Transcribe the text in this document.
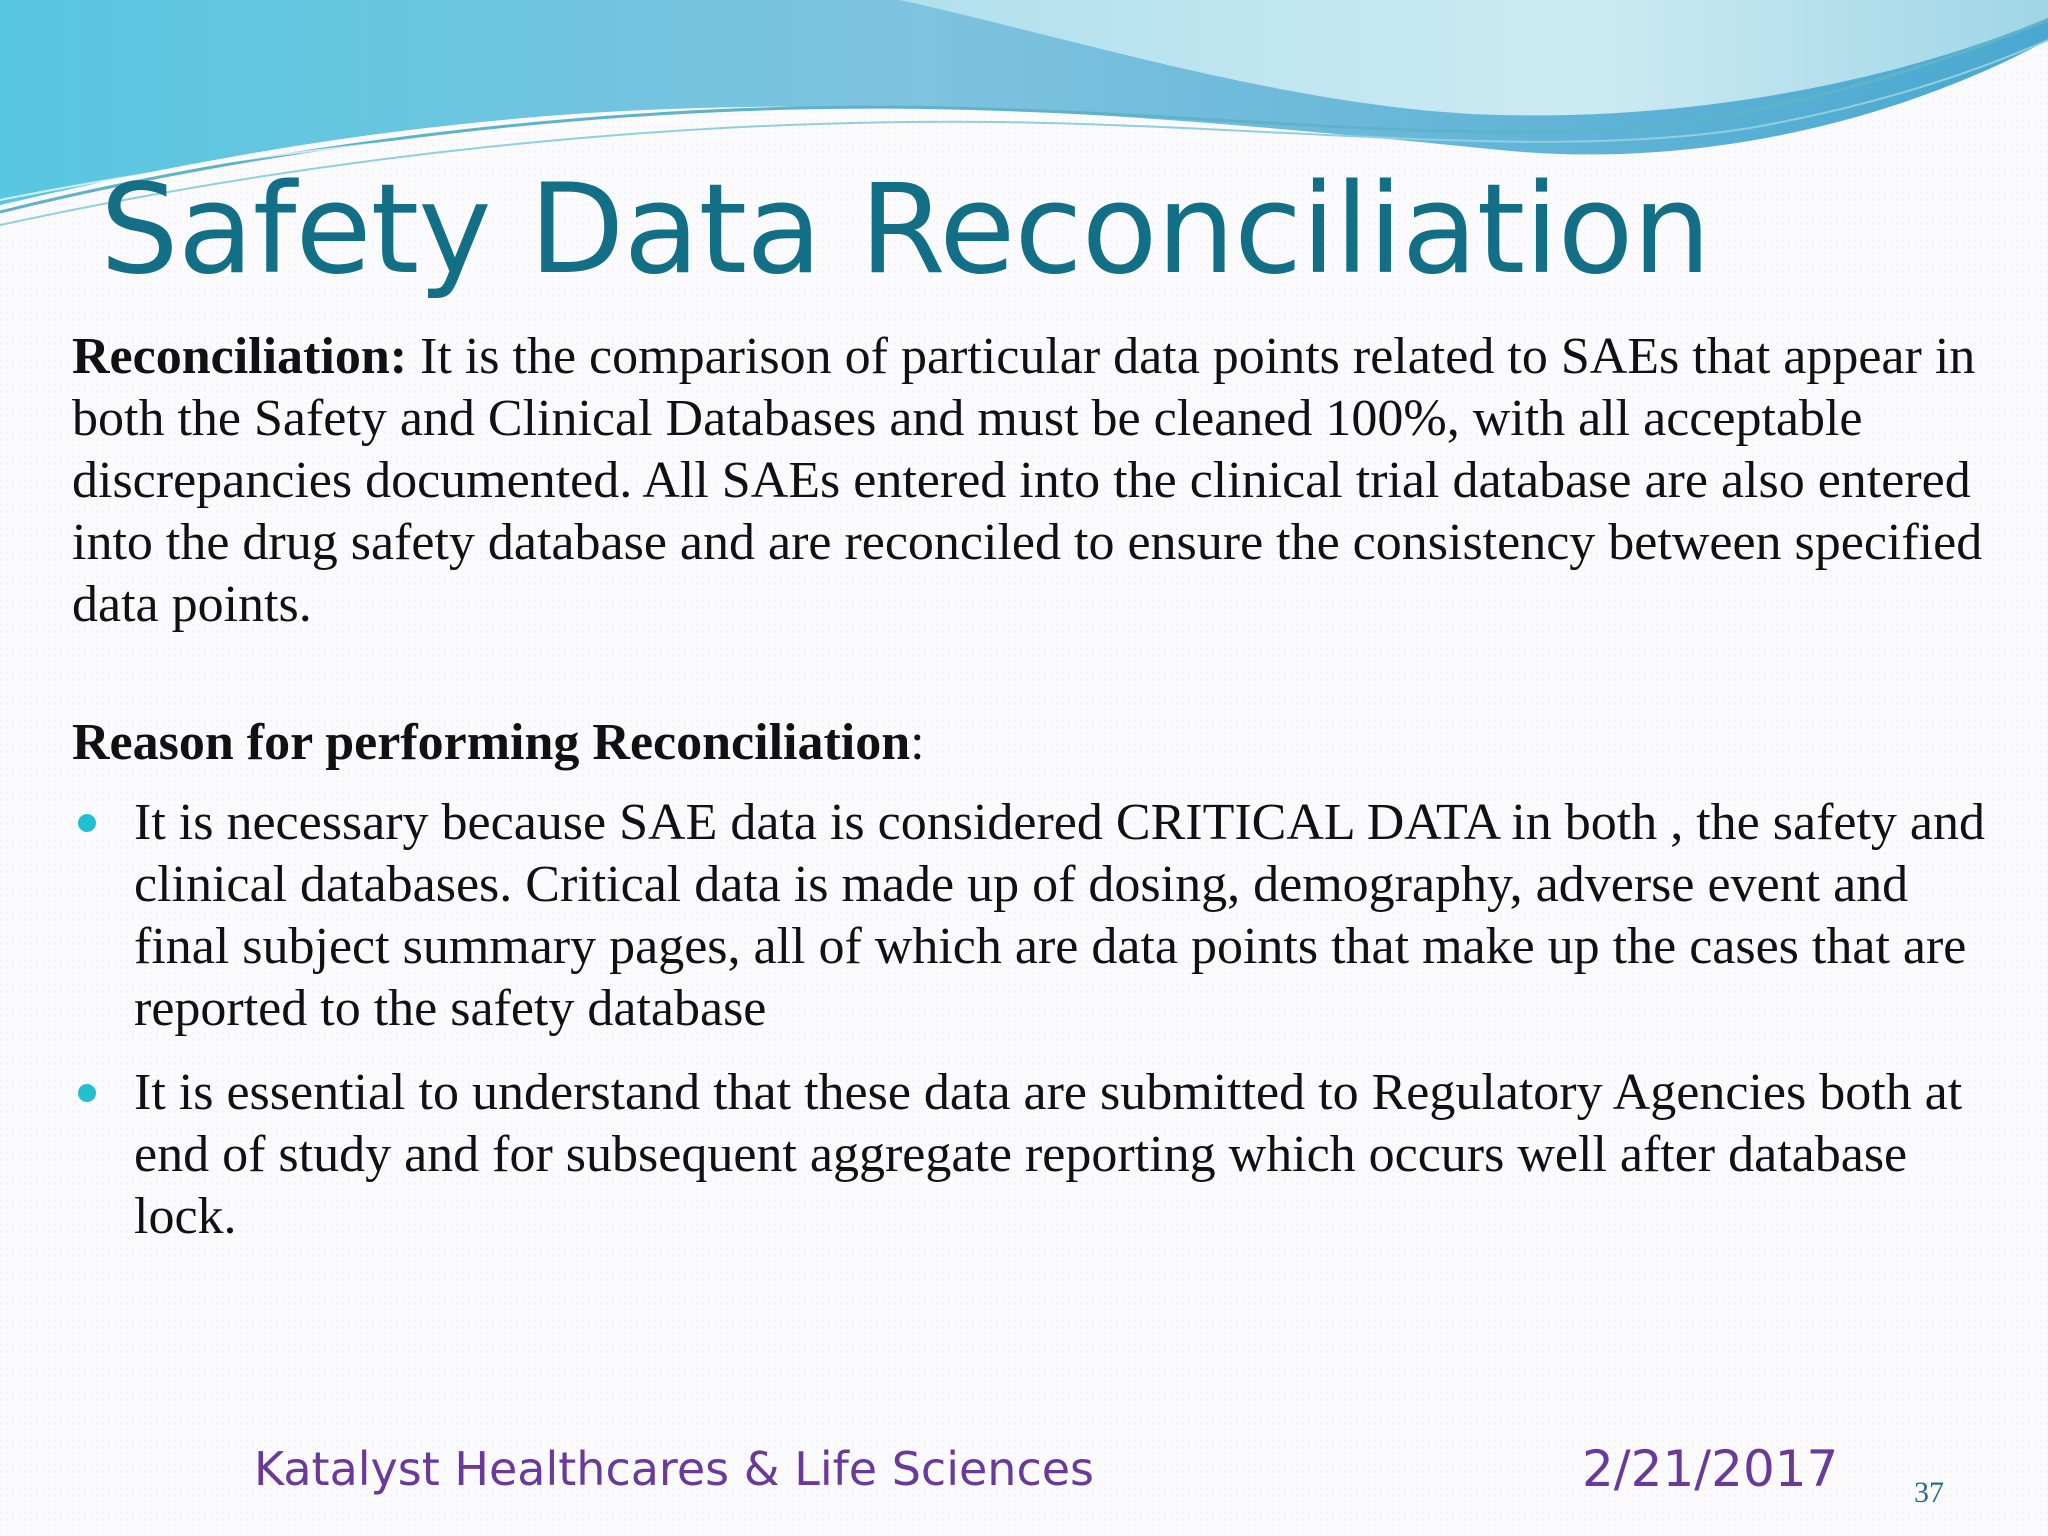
Safety Data Reconciliation

Reconciliation: It is the comparison of particular data points related to SAEs that appear in both the Safety and Clinical Databases and must be cleaned 100%, with all acceptable discrepancies documented. All SAEs entered into the clinical trial database are also entered into the drug safety database and are reconciled to ensure the consistency between specified data points.

Reason for performing Reconciliation:

It is necessary because SAE data is considered CRITICAL DATA in both , the safety and clinical databases. Critical data is made up of dosing, demography, adverse event and final subject summary pages, all of which are data points that make up the cases that are reported to the safety database
It is essential to understand that these data are submitted to Regulatory Agencies both at end of study and for subsequent aggregate reporting which occurs well after database lock.
Katalyst Healthcares & Life Sciences	2/21/2017	37
